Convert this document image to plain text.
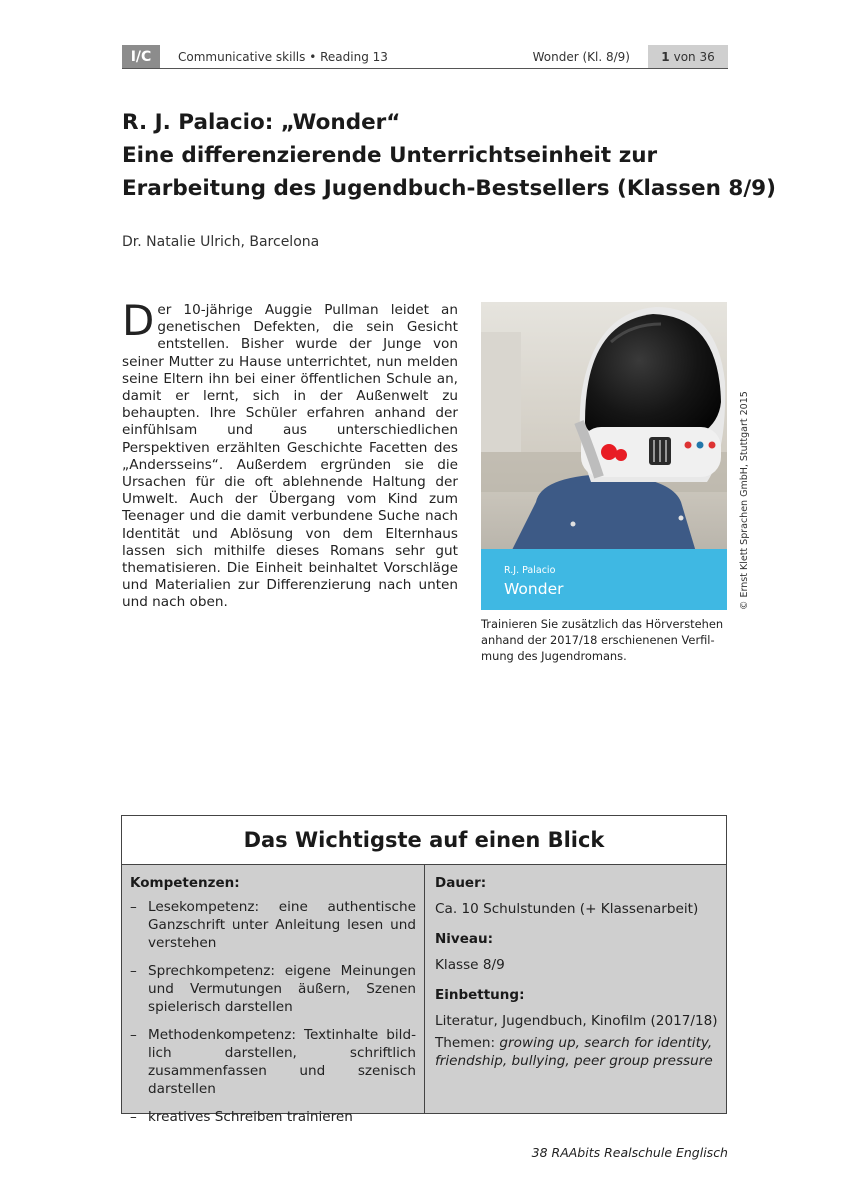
I/C	Communicative skills • Reading 13	Wonder (Kl. 8/9)	1 von 36
R. J. Palacio: „Wonder“
Eine differenzierende Unterrichtseinheit zur
Erarbeitung des Jugendbuch-Bestsellers (Klassen 8/9)
Dr. Natalie Ulrich, Barcelona
Der 10-jährige Auggie Pullman leidet an genetischen Defekten, die sein Gesicht entstellen. Bisher wurde der Junge von seiner Mutter zu Hause unterrichtet, nun melden seine Eltern ihn bei einer öffentlichen Schule an, damit er lernt, sich in der Außenwelt zu behaupten. Ihre Schüler erfahren anhand der einfühlsam und aus unterschiedlichen Perspektiven erzählten Geschichte Facetten des „Andersseins“. Außerdem ergründen sie die Ursachen für die oft ablehnende Haltung der Umwelt. Auch der Übergang vom Kind zum Teenager und die damit verbundene Suche nach Identität und Ablösung von dem Elternhaus lassen sich mithilfe dieses Romans sehr gut thematisieren. Die Einheit beinhaltet Vorschläge und Materialien zur Differenzierung nach unten und nach oben.
R.J. Palacio
Wonder	© Ernst Klett Sprachen GmbH, Stuttgart 2015
Trainieren Sie zusätzlich das Hörverstehen anhand der 2017/18 erschienenen Verfilmung des Jugendromans.
Das Wichtigste auf einen Blick
Kompetenzen:
– Lesekompetenz: eine authentische Ganzschrift unter Anleitung lesen und verstehen
– Sprechkompetenz: eigene Meinungen und Vermutungen äußern, Szenen spielerisch darstellen
– Methodenkompetenz: Textinhalte bildlich darstellen, schriftlich zusammenfassen und szenisch darstellen
– kreatives Schreiben trainieren
Dauer:
Ca. 10 Schulstunden (+ Klassenarbeit)
Niveau:
Klasse 8/9
Einbettung:
Literatur, Jugendbuch, Kinofilm (2017/18)
Themen: growing up, search for identity, friendship, bullying, peer group pressure
38 RAAbits Realschule Englisch
